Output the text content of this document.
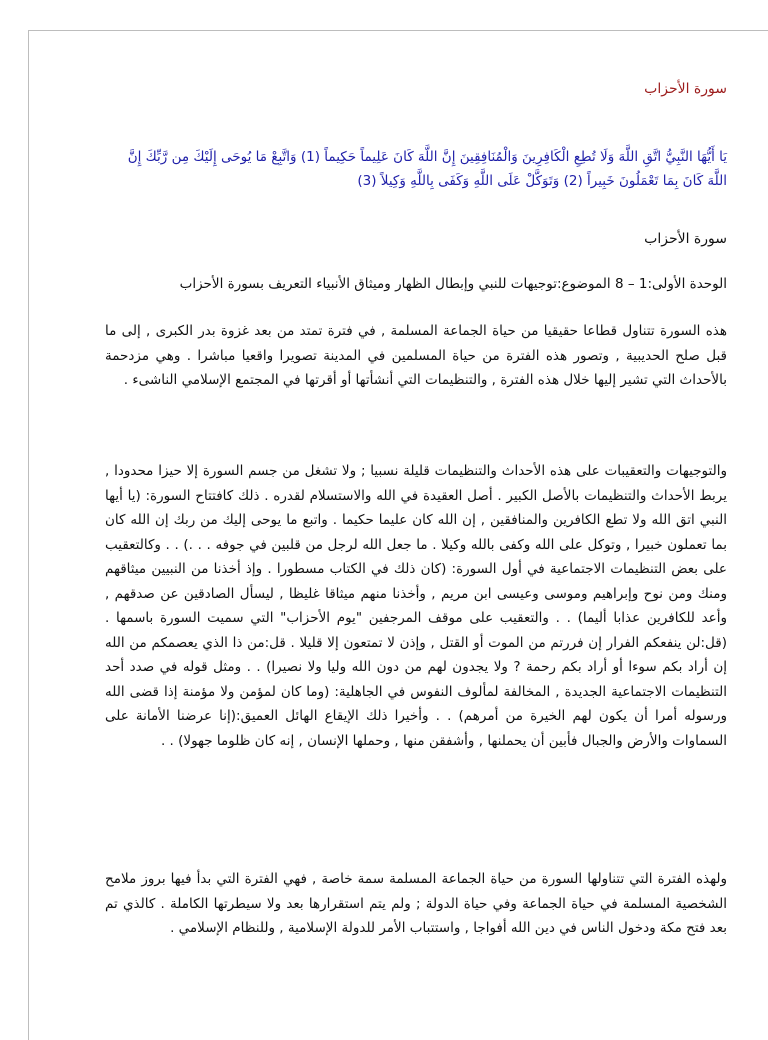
سورة الأحزاب
يَا أَيُّهَا النَّبِيُّ اتَّقِ اللَّهَ وَلَا تُطِعِ الْكَافِرِينَ وَالْمُنَافِقِينَ إِنَّ اللَّهَ كَانَ عَلِيماً حَكِيماً (1) وَاتَّبِعْ مَا يُوحَى إِلَيْكَ مِن رَّبِّكَ إِنَّ اللَّهَ كَانَ بِمَا تَعْمَلُونَ خَبِيراً (2) وَتَوَكَّلْ عَلَى اللَّهِ وَكَفَى بِاللَّهِ وَكِيلاً (3)
سورة الأحزاب
الوحدة الأولى:1 – 8 الموضوع:توجيهات للنبي وإبطال الظهار وميثاق الأنبياء التعريف بسورة الأحزاب
هذه السورة تتناول قطاعا حقيقيا من حياة الجماعة المسلمة , في فترة تمتد من بعد غزوة بدر الكبرى , إلى ما قبل صلح الحديبية , وتصور هذه الفترة من حياة المسلمين في المدينة تصويرا واقعيا مباشرا . وهي مزدحمة بالأحداث التي تشير إليها خلال هذه الفترة , والتنظيمات التي أنشأتها أو أقرتها في المجتمع الإسلامي الناشىء .
والتوجيهات والتعقيبات على هذه الأحداث والتنظيمات قليلة نسبيا ; ولا تشغل من جسم السورة إلا حيزا محدودا , يربط الأحداث والتنظيمات بالأصل الكبير . أصل العقيدة في الله والاستسلام لقدره . ذلك كافتتاح السورة: (يا أيها النبي اتق الله ولا تطع الكافرين والمنافقين , إن الله كان عليما حكيما . واتبع ما يوحى إليك من ربك إن الله كان بما تعملون خبيرا , وتوكل على الله وكفى بالله وكيلا . ما جعل الله لرجل من قلبين في جوفه . . .) . . وكالتعقيب على بعض التنظيمات الاجتماعية في أول السورة: (كان ذلك في الكتاب مسطورا . وإذ أخذنا من النبيين ميثاقهم ومنك ومن نوح وإبراهيم وموسى وعيسى ابن مريم , وأخذنا منهم ميثاقا غليظا , ليسأل الصادقين عن صدقهم , وأعد للكافرين عذابا أليما) . . والتعقيب على موقف المرجفين "يوم الأحزاب" التي سميت السورة باسمها . (قل:لن ينفعكم الفرار إن فررتم من الموت أو القتل , وإذن لا تمتعون إلا قليلا . قل:من ذا الذي يعصمكم من الله إن أراد بكم سوءا أو أراد بكم رحمة ? ولا يجدون لهم من دون الله وليا ولا نصيرا) . . ومثل قوله في صدد أحد التنظيمات الاجتماعية الجديدة , المخالفة لمألوف النفوس في الجاهلية: (وما كان لمؤمن ولا مؤمنة إذا قضى الله ورسوله أمرا أن يكون لهم الخيرة من أمرهم) . . وأخيرا ذلك الإيقاع الهائل العميق:(إنا عرضنا الأمانة على السماوات والأرض والجبال فأبين أن يحملنها , وأشفقن منها , وحملها الإنسان , إنه كان ظلوما جهولا) . .
ولهذه الفترة التي تتناولها السورة من حياة الجماعة المسلمة سمة خاصة , فهي الفترة التي بدأ فيها بروز ملامح الشخصية المسلمة في حياة الجماعة وفي حياة الدولة ; ولم يتم استقرارها بعد ولا سيطرتها الكاملة . كالذي تم بعد فتح مكة ودخول الناس في دين الله أفواجا , واستتباب الأمر للدولة الإسلامية , وللنظام الإسلامي .
